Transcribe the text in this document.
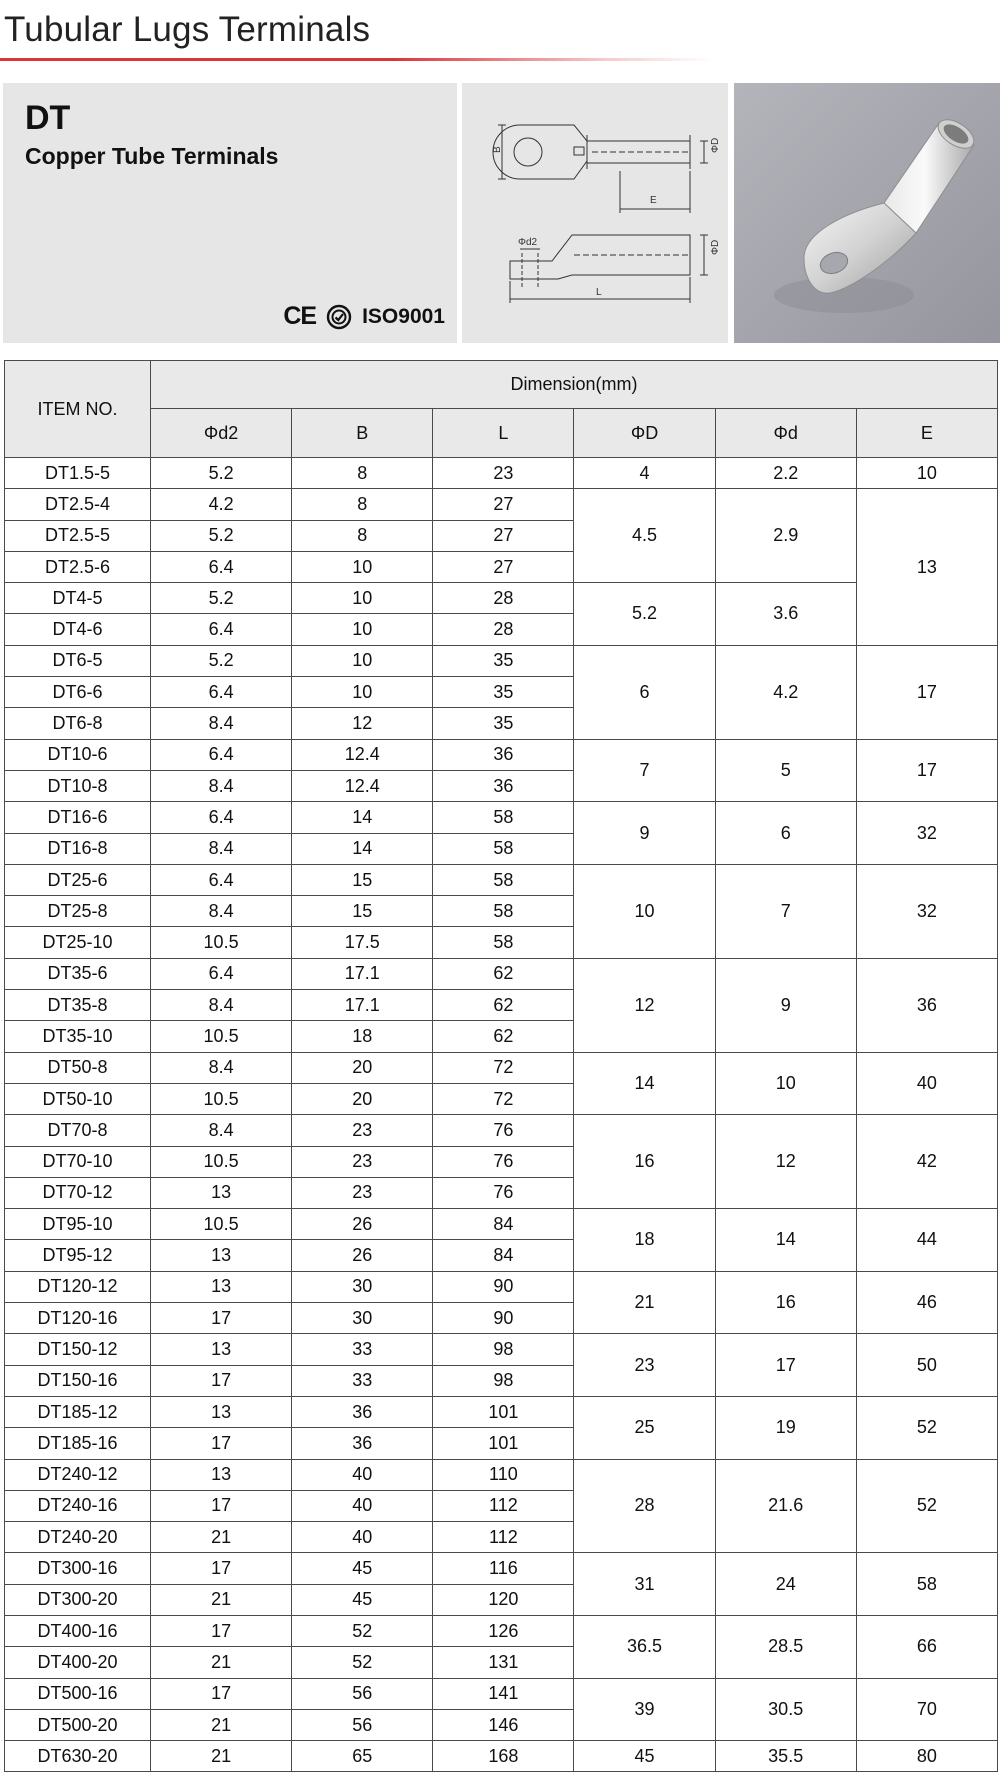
Tubular Lugs Terminals
DT
Copper Tube Terminals
CE ISO9001
B	ΦD
E
Φd2
L
ΦD
ITEM NO.	Dimension(mm)					
	Φd2	B	L	ΦD	Φd	E
DT1.5-5	5.2	8	23	4	2.2	10
DT2.5-4	4.2	8	27	4.5	2.9	13
DT2.5-5	5.2	8	27			
DT2.5-6	6.4	10	27			
DT4-5	5.2	10	28	5.2	3.6	
DT4-6	6.4	10	28			
DT6-5	5.2	10	35	6	4.2	17
DT6-6	6.4	10	35			
DT6-8	8.4	12	35			
DT10-6	6.4	12.4	36	7	5	17
DT10-8	8.4	12.4	36			
DT16-6	6.4	14	58	9	6	32
DT16-8	8.4	14	58			
DT25-6	6.4	15	58	10	7	32
DT25-8	8.4	15	58			
DT25-10	10.5	17.5	58			
DT35-6	6.4	17.1	62	12	9	36
DT35-8	8.4	17.1	62			
DT35-10	10.5	18	62			
DT50-8	8.4	20	72	14	10	40
DT50-10	10.5	20	72			
DT70-8	8.4	23	76	16	12	42
DT70-10	10.5	23	76			
DT70-12	13	23	76			
DT95-10	10.5	26	84	18	14	44
DT95-12	13	26	84			
DT120-12	13	30	90	21	16	46
DT120-16	17	30	90			
DT150-12	13	33	98	23	17	50
DT150-16	17	33	98			
DT185-12	13	36	101	25	19	52
DT185-16	17	36	101			
DT240-12	13	40	110	28	21.6	52
DT240-16	17	40	112			
DT240-20	21	40	112			
DT300-16	17	45	116	31	24	58
DT300-20	21	45	120			
DT400-16	17	52	126	36.5	28.5	66
DT400-20	21	52	131			
DT500-16	17	56	141	39	30.5	70
DT500-20	21	56	146			
DT630-20	21	65	168	45	35.5	80
